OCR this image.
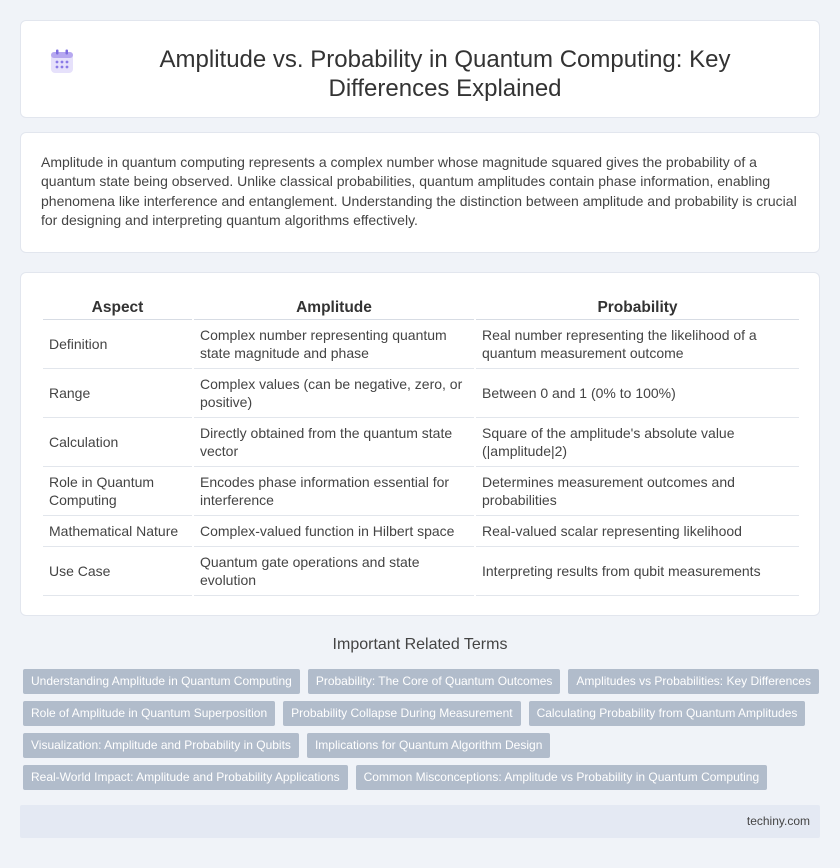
Amplitude vs. Probability in Quantum Computing: Key Differences Explained

Amplitude in quantum computing represents a complex number whose magnitude squared gives the probability of a quantum state being observed. Unlike classical probabilities, quantum amplitudes contain phase information, enabling phenomena like interference and entanglement. Understanding the distinction between amplitude and probability is crucial for designing and interpreting quantum algorithms effectively.

Aspect	Amplitude	Probability
Definition	Complex number representing quantum state magnitude and phase	Real number representing the likelihood of a quantum measurement outcome
Range	Complex values (can be negative, zero, or positive)	Between 0 and 1 (0% to 100%)
Calculation	Directly obtained from the quantum state vector	Square of the amplitude's absolute value (|amplitude|2)
Role in Quantum Computing	Encodes phase information essential for interference	Determines measurement outcomes and probabilities
Mathematical Nature	Complex-valued function in Hilbert space	Real-valued scalar representing likelihood
Use Case	Quantum gate operations and state evolution	Interpreting results from qubit measurements
Important Related Terms
Understanding Amplitude in Quantum Computing	Probability: The Core of Quantum Outcomes	Amplitudes vs Probabilities: Key Differences
Role of Amplitude in Quantum Superposition	Probability Collapse During Measurement	Calculating Probability from Quantum Amplitudes
Visualization: Amplitude and Probability in Qubits	Implications for Quantum Algorithm Design
Real-World Impact: Amplitude and Probability Applications	Common Misconceptions: Amplitude vs Probability in Quantum Computing
techiny.com
